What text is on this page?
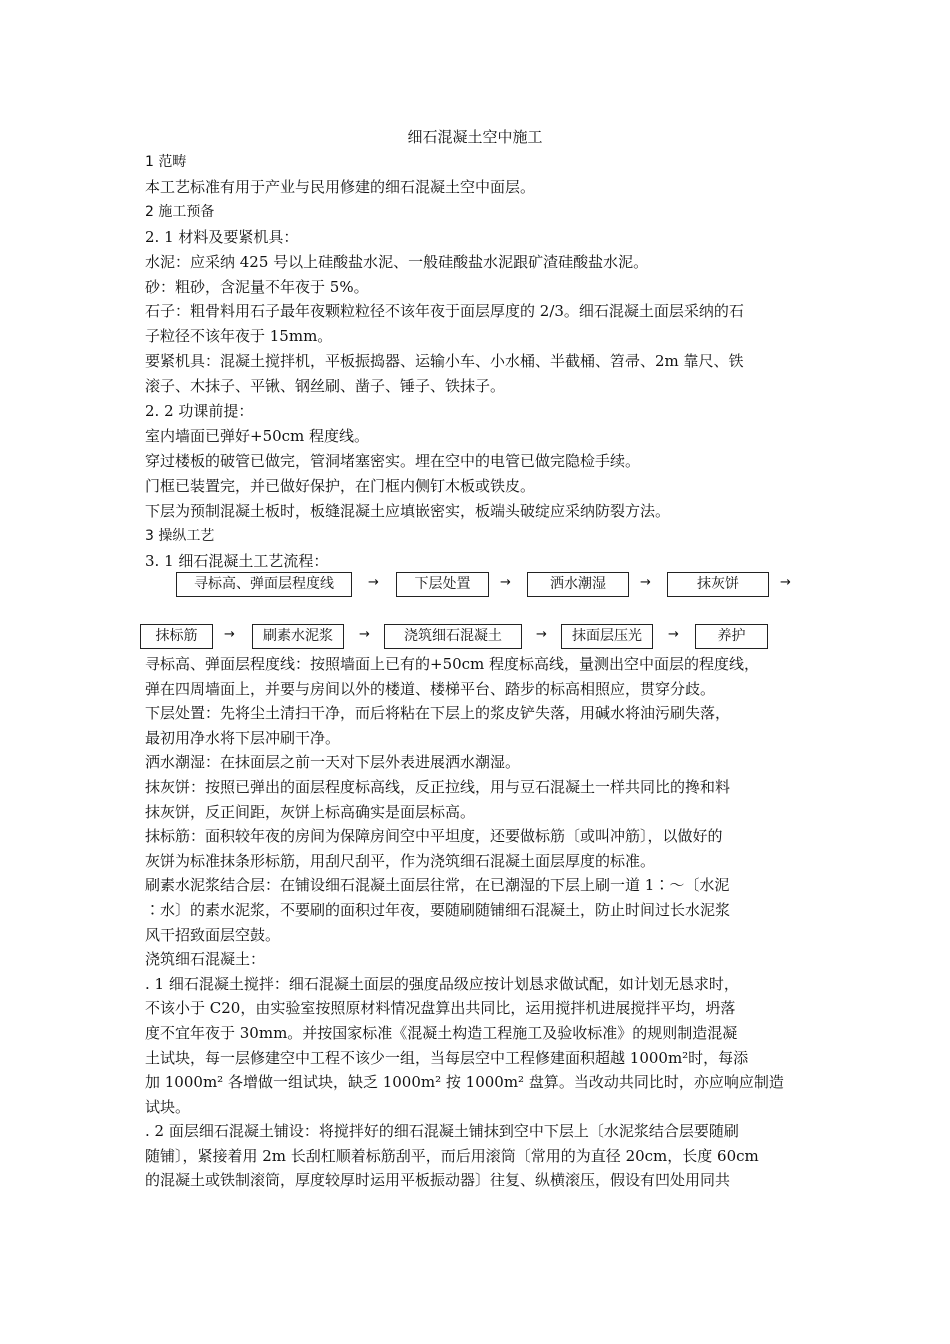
细石混凝土空中施工

1 范畴

本工艺标准有用于产业与民用修建的细石混凝土空中面层。

2 施工预备

2. 1 材料及要紧机具：

水泥：应采纳 425 号以上硅酸盐水泥、一般硅酸盐水泥跟矿渣硅酸盐水泥。

砂：粗砂，含泥量不年夜于 5%。

石子：粗骨料用石子最年夜颗粒粒径不该年夜于面层厚度的 2/3。细石混凝土面层采纳的石

子粒径不该年夜于 15mm。

要紧机具：混凝土搅拌机，平板振捣器、运输小车、小水桶、半截桶、笤帚、2m 靠尺、铁

滚子、木抹子、平锹、钢丝刷、凿子、锤子、铁抹子。

2. 2 功课前提：

室内墙面已弹好+50cm 程度线。

穿过楼板的破管已做完，管洞堵塞密实。埋在空中的电管已做完隐检手续。

门框已装置完，并已做好保护，在门框内侧钉木板或铁皮。

下层为预制混凝土板时，板缝混凝土应填嵌密实，板端头破绽应采纳防裂方法。

3 操纵工艺

3. 1 细石混凝土工艺流程：

寻标高、弹面层程度线	→	下层处置	→	洒水潮湿	→	抹灰饼	→
抹标筋	→	刷素水泥浆	→	浇筑细石混凝土	→	抹面层压光	→	养护

寻标高、弹面层程度线：按照墙面上已有的+50cm 程度标高线，量测出空中面层的程度线，

弹在四周墙面上，并要与房间以外的楼道、楼梯平台、踏步的标高相照应，贯穿分歧。

下层处置：先将尘土清扫干净，而后将粘在下层上的浆皮铲失落，用碱水将油污刷失落，

最初用净水将下层冲刷干净。

洒水潮湿：在抹面层之前一天对下层外表进展洒水潮湿。

抹灰饼：按照已弹出的面层程度标高线，反正拉线，用与豆石混凝土一样共同比的搀和料

抹灰饼，反正间距，灰饼上标高确实是面层标高。

抹标筋：面积较年夜的房间为保障房间空中平坦度，还要做标筋〔或叫冲筋〕，以做好的

灰饼为标准抹条形标筋，用刮尺刮平，作为浇筑细石混凝土面层厚度的标准。

刷素水泥浆结合层：在铺设细石混凝土面层往常，在已潮湿的下层上刷一道 1∶～〔水泥

∶水〕的素水泥浆，不要刷的面积过年夜，要随刷随铺细石混凝土，防止时间过长水泥浆

风干招致面层空鼓。

浇筑细石混凝土：

. 1 细石混凝土搅拌：细石混凝土面层的强度品级应按计划恳求做试配，如计划无恳求时，

不该小于 C20，由实验室按照原材料情况盘算出共同比，运用搅拌机进展搅拌平均，坍落

度不宜年夜于 30mm。并按国家标准《混凝土构造工程施工及验收标准》的规则制造混凝

土试块，每一层修建空中工程不该少一组，当每层空中工程修建面积超越 1000m²时，每添

加 1000m² 各增做一组试块，缺乏 1000m² 按 1000m² 盘算。当改动共同比时，亦应响应制造

试块。

. 2 面层细石混凝土铺设：将搅拌好的细石混凝土铺抹到空中下层上〔水泥浆结合层要随刷

随铺〕，紧接着用 2m 长刮杠顺着标筋刮平，而后用滚筒〔常用的为直径 20cm，长度 60cm

的混凝土或铁制滚筒，厚度较厚时运用平板振动器〕往复、纵横滚压，假设有凹处用同共
